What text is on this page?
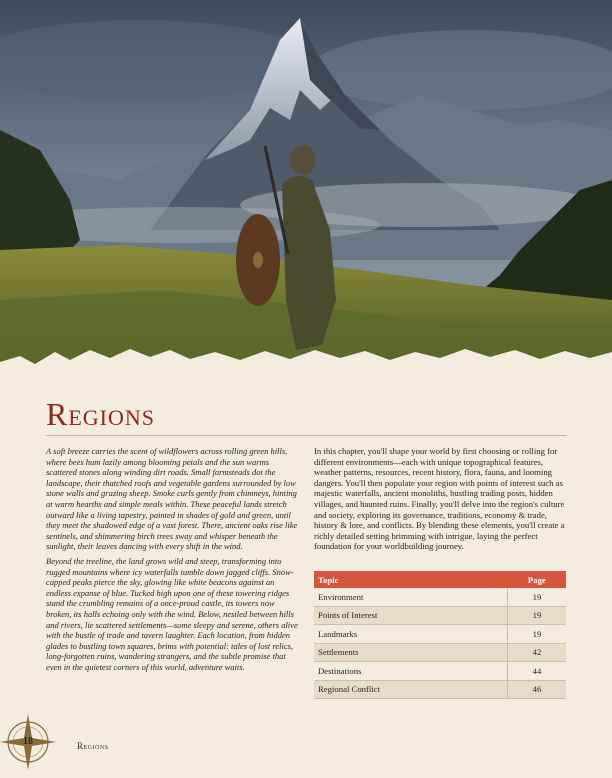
Regions

A soft breeze carries the scent of wildflowers across rolling green hills, where bees hum lazily among blooming petals and the sun warms scattered stones along winding dirt roads. Small farmsteads dot the landscape, their thatched roofs and vegetable gardens surrounded by low stone walls and grazing sheep. Smoke curls gently from chimneys, hinting at warm hearths and simple meals within. These peaceful lands stretch outward like a living tapestry, painted in shades of gold and green, until they meet the shadowed edge of a vast forest. There, ancient oaks rise like sentinels, and shimmering birch trees sway and whisper beneath the sunlight, their leaves dancing with every shift in the wind.

Beyond the treeline, the land grows wild and steep, transforming into rugged mountains where icy waterfalls tumble down jagged cliffs. Snow-capped peaks pierce the sky, glowing like white beacons against an endless expanse of blue. Tucked high upon one of these towering ridges stand the crumbling remains of a once-proud castle, its towers now broken, its halls echoing only with the wind. Below, nestled between hills and rivers, lie scattered settlements—some sleepy and serene, others alive with the bustle of trade and tavern laughter. Each location, from hidden glades to bustling town squares, brims with potential: tales of lost relics, long-forgotten ruins, wandering strangers, and the subtle promise that even in the quietest corners of this world, adventure waits.

In this chapter, you'll shape your world by first choosing or rolling for different environments—each with unique topographical features, weather patterns, resources, recent history, flora, fauna, and looming dangers. You'll then populate your region with points of interest such as majestic waterfalls, ancient monoliths, bustling trading posts, hidden villages, and haunted ruins. Finally, you'll delve into the region's culture and society, exploring its governance, traditions, economy & trade, history & lore, and conflicts. By blending these elements, you'll create a richly detailed setting brimming with intrigue, laying the perfect foundation for your worldbuilding journey.

Topic	Page
Environment	19
Points of Interest	19
Landmarks	19
Settlements	42
Destinations	44
Regional Conflict	46
18	Regions
